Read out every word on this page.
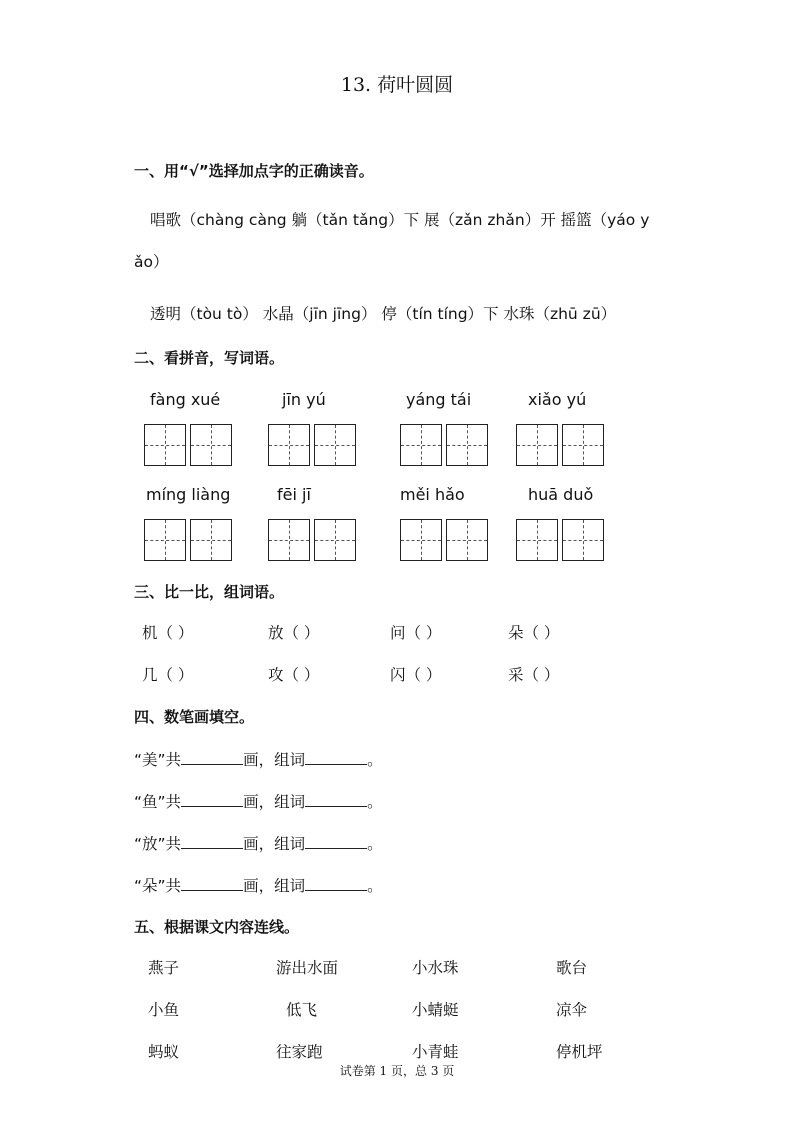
13. 荷叶圆圆
一、用“√”选择加点字的正确读音。
唱歌（chàng càng 躺（tǎn tǎng）下 展（zǎn zhǎn）开 摇篮（yáo y
ǎo）
透明（tòu tò） 水晶（jīn jīng） 停（tín tíng）下 水珠（zhū zū）
二、看拼音，写词语。
fàng xué	jīn yú	yáng tái	xiǎo yú
míng liàng	fēi jī	měi hǎo	huā duǒ
三、比一比，组词语。
机（ ）	放（ ）	问（ ）	朵（ ）
几（ ）	攻（ ）	闪（ ）	采（ ）
四、数笔画填空。
“美”共	画，组词	。
“鱼”共	画，组词	。
“放”共	画，组词	。
“朵”共	画，组词	。
五、根据课文内容连线。
燕子	游出水面	小水珠	歌台
小鱼	低飞	小蜻蜓	凉伞
蚂蚁	往家跑	小青蛙	停机坪
试卷第 1 页，总 3 页
